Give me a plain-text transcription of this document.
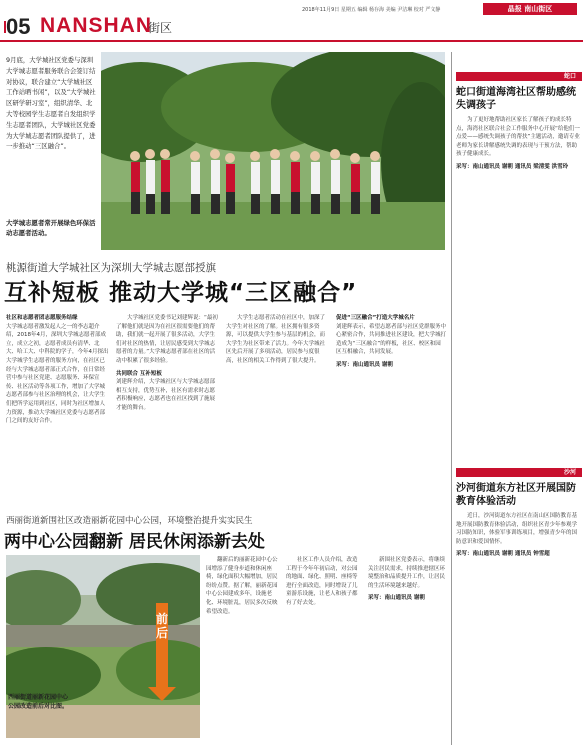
05 NANSHAN
街区
2018年11月9日 星期五 编辑 杨存海 美编 尹洁琳 校对 严文静	晶报 南山街区
9月底，大学城社区党委与深圳大学城志愿者服务联合会签订结对协议，联合建立“大学城社区工作站晒书闲”，以及“大学城社区研学研习室”，组织清华、北大等校园学生志愿者自发组织学生志愿者团队，大学城社区党委为大学城志愿者团队提供了，进一步推动“三区融合”。
大学城志愿者常开展绿色环保活动志愿者活动。
桃源街道大学城社区为深圳大学城志愿部授旗
互补短板 推动大学城“三区融合”
社区和志愿者团志愿服务结缘
大学城志愿者激发起人之一的李志超介绍，2018年4月，深圳大学城志愿者部成立，成立之初，志愿者成员有清华、北大、哈工大、中科院的学子，今年4月探出大学城学生志愿者的服务方向，在社区已经与大学城志愿者部正式合作，在日常经营中参与社区党建、志愿服务、环保宣传、社区活动等各项工作，增加了大学城志愿者部参与社区治理的机会，让大学生们把所学运用到社区，同时为社区增加人力资源，推动大学城社区党委与志愿者部门之间的友好合作。
大学城社区党委书记刘建辉说：“最初了解他们就是因为在社区很需要他们的帮助，我们就一起开展了很多活动，大学生们对社区的热情，让居民感受到大学城志愿者的力量。”大学城志愿者部在社区的活动中积累了很多经验。
共同联合 互补短板
刘建辉介绍，大学城社区与大学城志愿部相互支持，优势互补，社区有需求时志愿者积极响应，志愿者也在社区找到了施展才能的舞台。
大学生志愿者活动在社区中，加深了大学生对社区的了解。社区拥有很多资源，可以提供大学生参与基层的机会，而大学生为社区带来了活力。今年大学城社区先后开展了多项活动，居民参与度很高，社区的相关工作得到了很大提升。
促进“三区融合”打造大学城名片
刘建辉表示，希望志愿者部与社区党群服务中心紧密合作，共同推进社区建设，把大学城打造成为“三区融合”的样板，社区、校区和园区互相融合，共同发展。
采写：南山通讯员 谢朝
西丽街道新围社区改造丽新花园中心公园，环境整治提升实实民生
两中心公园翻新 居民休闲添新去处
西丽街道丽新花园中心公园改造前后对比图。
前后
翻新后的丽新花园中心公园增添了健身步道和休闲座椅，绿化面积大幅增加，居民纷纷点赞。据了解，丽新花园中心公园建成多年，设施老化、环境脏乱，居民多次反映希望改造。
社区工作人员介绍，改造工程于今年年初启动，对公园的地面、绿化、照明、座椅等进行全面改造，同时增设了儿童游乐设施，让老人和孩子都有了好去处。
新围社区党委表示，将继续关注居民需求，持续推进辖区环境整治和品质提升工作，让居民的生活环境越来越好。
采写：南山通讯员 谢朝
蛇口
蛇口街道海湾社区帮助感统失调孩子
为了更好地帮助社区家长了解孩子的成长特点，海湾社区联合社会工作服务中心开展“给他们一点爱——感统失调孩子的帮扶”主题活动，邀请专业老师为家长讲解感统失调的表现与干预方法，帮助孩子健康成长。
采写：南山通讯员 谢朝 通讯员 梁清雯 洪雪玲
沙河
沙河街道东方社区开展国防教育体验活动
近日，沙河街道东方社区在南山区国防教育基地开展国防教育体验活动，组织社区青少年参观学习国防知识，体验军事训练项目，增强青少年的国防意识和爱国情怀。
采写：南山通讯员 谢朝 通讯员 钟雪超
